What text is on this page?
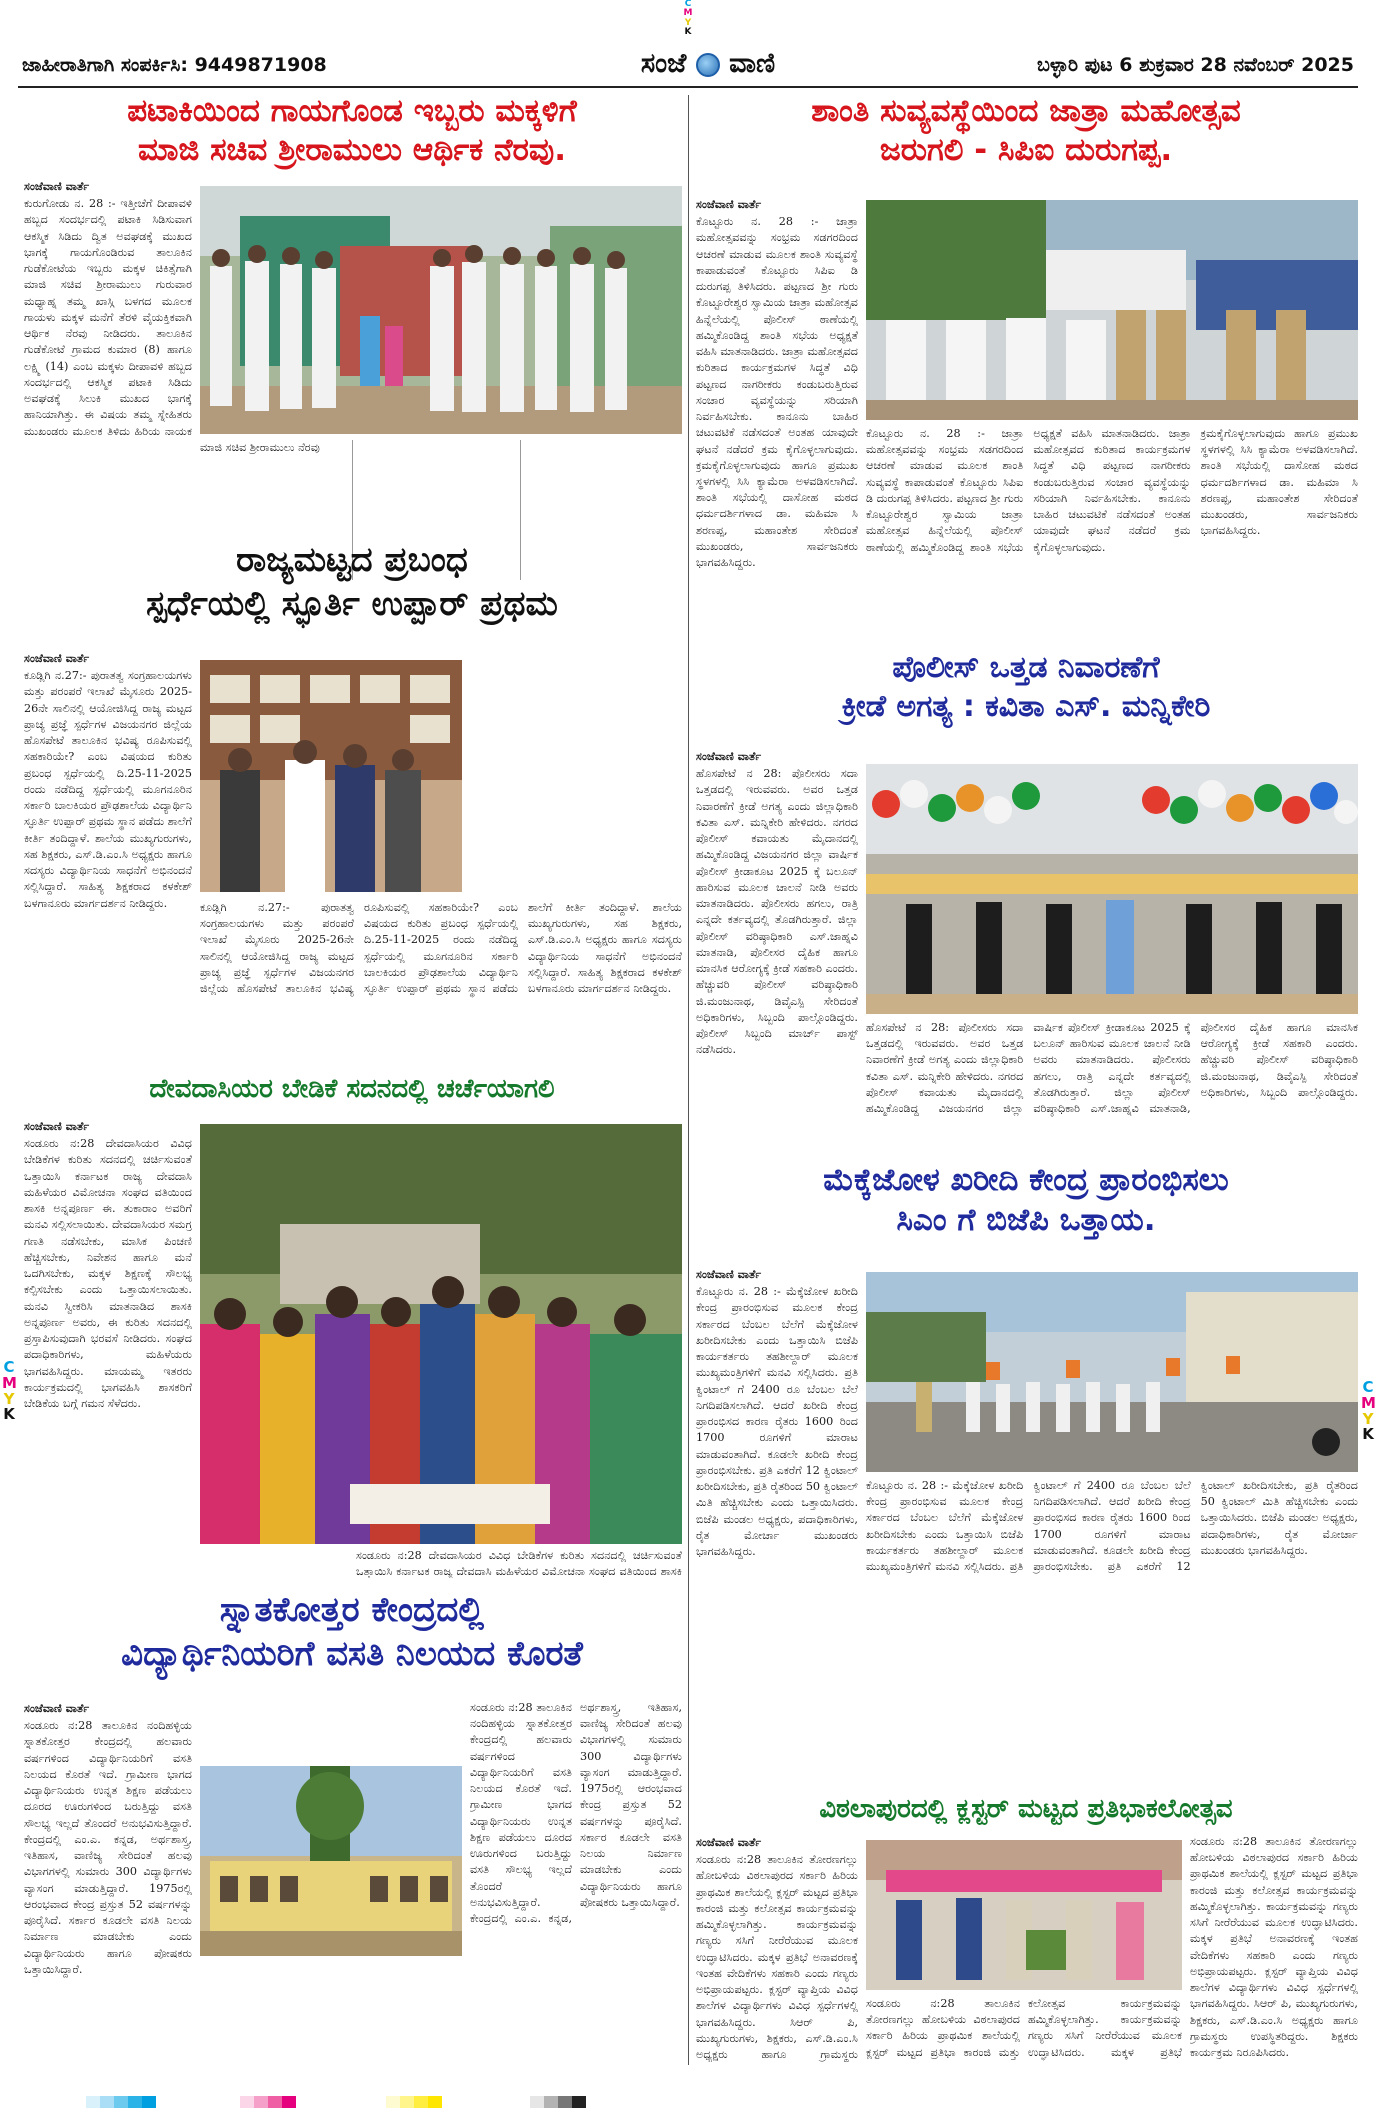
C
M
Y
K
C
M
Y
K
C
M
Y
K
ಜಾಹೀರಾತಿಗಾಗಿ ಸಂಪರ್ಕಿಸಿ: 9449871908	ಸಂಜೆ ವಾಣಿ	ಬಳ್ಳಾರಿ ಪುಟ 6 ಶುಕ್ರವಾರ 28 ನವೆಂಬರ್ 2025
ಪಟಾಕಿಯಿಂದ ಗಾಯಗೊಂಡ ಇಬ್ಬರು ಮಕ್ಕಳಿಗೆ
ಮಾಜಿ ಸಚಿವ ಶ್ರೀರಾಮುಲು ಆರ್ಥಿಕ ನೆರವು.
ಸಂಜೆವಾಣಿ ವಾರ್ತೆ
ಕುರುಗೋಡು ನ. 28 :- ಇತ್ತೀಚೆಗೆ ದೀಪಾವಳಿ ಹಬ್ಬದ ಸಂದರ್ಭದಲ್ಲಿ ಪಟಾಕಿ ಸಿಡಿಸುವಾಗ ಆಕಸ್ಮಿಕ ಸಿಡಿದು ದ್ವಿತ ಅವಘಡಕ್ಕೆ ಮುಖದ ಭಾಗಕ್ಕೆ ಗಾಯಗೊಂಡಿರುವ ತಾಲೂಕಿನ ಗುಡೆಕೋಟೆಯ ಇಬ್ಬರು ಮಕ್ಕಳ ಚಿಕಿತ್ಸೆಗಾಗಿ ಮಾಜಿ ಸಚಿವ ಶ್ರೀರಾಮುಲು ಗುರುವಾರ ಮಧ್ಯಾಹ್ನ ತಮ್ಮ ಖಾಸ್ಗಿ ಬಳಗದ ಮೂಲಕ ಗಾಯಳು ಮಕ್ಕಳ ಮನೆಗೆ ತೆರಳಿ ವೈಯಕ್ತಿಕವಾಗಿ ಆರ್ಥಿಕ ನೆರವು ನೀಡಿದರು. ತಾಲೂಕಿನ ಗುಡೆಕೋಟೆ ಗ್ರಾಮದ ಕುಮಾರ (8) ಹಾಗೂ ಲಕ್ಷ್ಮಿ (14) ಎಂಬ ಮಕ್ಕಳು ದೀಪಾವಳಿ ಹಬ್ಬದ ಸಂದರ್ಭದಲ್ಲಿ ಆಕಸ್ಮಿಕ ಪಟಾಕಿ ಸಿಡಿದು ಅವಘಡಕ್ಕೆ ಸಿಲುಕಿ ಮುಖದ ಭಾಗಕ್ಕೆ ಹಾನಿಯಾಗಿತ್ತು. ಈ ವಿಷಯ ತಮ್ಮ ಸ್ನೇಹಿತರು ಮುಖಂಡರು ಮೂಲಕ ತಿಳಿದು ಹಿರಿಯ ನಾಯಕ
ಮಾಜಿ ಸಚಿವ ಶ್ರೀರಾಮುಲು ನೆರವು
ರಾಜ್ಯಮಟ್ಟದ ಪ್ರಬಂಧ
ಸ್ಪರ್ಧೆಯಲ್ಲಿ ಸ್ಫೂರ್ತಿ ಉಪ್ಪಾರ್ ಪ್ರಥಮ
ಸಂಜೆವಾಣಿ ವಾರ್ತೆ
ಕೂಡ್ಲಿಗಿ ನ.27:- ಪುರಾತತ್ವ ಸಂಗ್ರಹಾಲಯಗಳು ಮತ್ತು ಪರಂಪರೆ ಇಲಾಖೆ ಮೈಸೂರು 2025-26ನೇ ಸಾಲಿನಲ್ಲಿ ಆಯೋಜಿಸಿದ್ದ ರಾಜ್ಯ ಮಟ್ಟದ ಪ್ರಾಚ್ಯ ಪ್ರಜ್ಞೆ ಸ್ಪರ್ಧೆಗಳ ವಿಜಯನಗರ ಜಿಲ್ಲೆಯ ಹೊಸಪೇಟೆ ತಾಲೂಕಿನ ಭವಿಷ್ಯ ರೂಪಿಸುವಲ್ಲಿ ಸಹಕಾರಿಯೇ? ಎಂಬ ವಿಷಯದ ಕುರಿತು ಪ್ರಬಂಧ ಸ್ಪರ್ಧೆಯಲ್ಲಿ ದಿ.25-11-2025 ರಂದು ನಡೆದಿದ್ದ ಸ್ಪರ್ಧೆಯಲ್ಲಿ ಮೂಗನೂರಿನ ಸರ್ಕಾರಿ ಬಾಲಕಿಯರ ಪ್ರೌಢಶಾಲೆಯ ವಿದ್ಯಾರ್ಥಿನಿ ಸ್ಫೂರ್ತಿ ಉಪ್ಪಾರ್ ಪ್ರಥಮ ಸ್ಥಾನ ಪಡೆದು ಶಾಲೆಗೆ ಕೀರ್ತಿ ತಂದಿದ್ದಾಳೆ. ಶಾಲೆಯ ಮುಖ್ಯಗುರುಗಳು, ಸಹ ಶಿಕ್ಷಕರು, ಎಸ್.ಡಿ.ಎಂ.ಸಿ ಅಧ್ಯಕ್ಷರು ಹಾಗೂ ಸದಸ್ಯರು ವಿದ್ಯಾರ್ಥಿನಿಯ ಸಾಧನೆಗೆ ಅಭಿನಂದನೆ ಸಲ್ಲಿಸಿದ್ದಾರೆ. ಸಾಹಿತ್ಯ ಶಿಕ್ಷಕರಾದ ಕಳಕೇಶ್ ಬಳಗಾನೂರು ಮಾರ್ಗದರ್ಶನ ನೀಡಿದ್ದರು.	ಕೂಡ್ಲಿಗಿ ನ.27:- ಪುರಾತತ್ವ ಸಂಗ್ರಹಾಲಯಗಳು ಮತ್ತು ಪರಂಪರೆ ಇಲಾಖೆ ಮೈಸೂರು 2025-26ನೇ ಸಾಲಿನಲ್ಲಿ ಆಯೋಜಿಸಿದ್ದ ರಾಜ್ಯ ಮಟ್ಟದ ಪ್ರಾಚ್ಯ ಪ್ರಜ್ಞೆ ಸ್ಪರ್ಧೆಗಳ ವಿಜಯನಗರ ಜಿಲ್ಲೆಯ ಹೊಸಪೇಟೆ ತಾಲೂಕಿನ ಭವಿಷ್ಯ ರೂಪಿಸುವಲ್ಲಿ ಸಹಕಾರಿಯೇ? ಎಂಬ ವಿಷಯದ ಕುರಿತು ಪ್ರಬಂಧ ಸ್ಪರ್ಧೆಯಲ್ಲಿ ದಿ.25-11-2025 ರಂದು ನಡೆದಿದ್ದ ಸ್ಪರ್ಧೆಯಲ್ಲಿ ಮೂಗನೂರಿನ ಸರ್ಕಾರಿ ಬಾಲಕಿಯರ ಪ್ರೌಢಶಾಲೆಯ ವಿದ್ಯಾರ್ಥಿನಿ ಸ್ಫೂರ್ತಿ ಉಪ್ಪಾರ್ ಪ್ರಥಮ ಸ್ಥಾನ ಪಡೆದು ಶಾಲೆಗೆ ಕೀರ್ತಿ ತಂದಿದ್ದಾಳೆ. ಶಾಲೆಯ ಮುಖ್ಯಗುರುಗಳು, ಸಹ ಶಿಕ್ಷಕರು, ಎಸ್.ಡಿ.ಎಂ.ಸಿ ಅಧ್ಯಕ್ಷರು ಹಾಗೂ ಸದಸ್ಯರು ವಿದ್ಯಾರ್ಥಿನಿಯ ಸಾಧನೆಗೆ ಅಭಿನಂದನೆ ಸಲ್ಲಿಸಿದ್ದಾರೆ. ಸಾಹಿತ್ಯ ಶಿಕ್ಷಕರಾದ ಕಳಕೇಶ್ ಬಳಗಾನೂರು ಮಾರ್ಗದರ್ಶನ ನೀಡಿದ್ದರು.
ದೇವದಾಸಿಯರ ಬೇಡಿಕೆ ಸದನದಲ್ಲಿ ಚರ್ಚೆಯಾಗಲಿ
ಸಂಜೆವಾಣಿ ವಾರ್ತೆ
ಸಂಡೂರು ನ:28 ದೇವದಾಸಿಯರ ವಿವಿಧ ಬೇಡಿಕೆಗಳ ಕುರಿತು ಸದನದಲ್ಲಿ ಚರ್ಚಿಸುವಂತೆ ಒತ್ತಾಯಿಸಿ ಕರ್ನಾಟಕ ರಾಜ್ಯ ದೇವದಾಸಿ ಮಹಿಳೆಯರ ವಿಮೋಚನಾ ಸಂಘದ ವತಿಯಿಂದ ಶಾಸಕಿ ಅನ್ನಪೂರ್ಣ ಈ. ತುಕಾರಾಂ ಅವರಿಗೆ ಮನವಿ ಸಲ್ಲಿಸಲಾಯಿತು. ದೇವದಾಸಿಯರ ಸಮಗ್ರ ಗಣತಿ ನಡೆಸಬೇಕು, ಮಾಸಿಕ ಪಿಂಚಣಿ ಹೆಚ್ಚಿಸಬೇಕು, ನಿವೇಶನ ಹಾಗೂ ಮನೆ ಒದಗಿಸಬೇಕು, ಮಕ್ಕಳ ಶಿಕ್ಷಣಕ್ಕೆ ಸೌಲಭ್ಯ ಕಲ್ಪಿಸಬೇಕು ಎಂದು ಒತ್ತಾಯಿಸಲಾಯಿತು. ಮನವಿ ಸ್ವೀಕರಿಸಿ ಮಾತನಾಡಿದ ಶಾಸಕಿ ಅನ್ನಪೂರ್ಣ ಅವರು, ಈ ಕುರಿತು ಸದನದಲ್ಲಿ ಪ್ರಸ್ತಾಪಿಸುವುದಾಗಿ ಭರವಸೆ ನೀಡಿದರು. ಸಂಘದ ಪದಾಧಿಕಾರಿಗಳು, ಮಹಿಳೆಯರು ಭಾಗವಹಿಸಿದ್ದರು. ಮಾಯಮ್ಮ ಇತರರು ಕಾರ್ಯಕ್ರಮದಲ್ಲಿ ಭಾಗವಹಿಸಿ ಶಾಸಕರಿಗೆ ಬೇಡಿಕೆಯ ಬಗ್ಗೆ ಗಮನ ಸೆಳೆದರು.
ಸಂಡೂರು ನ:28 ದೇವದಾಸಿಯರ ವಿವಿಧ ಬೇಡಿಕೆಗಳ ಕುರಿತು ಸದನದಲ್ಲಿ ಚರ್ಚಿಸುವಂತೆ ಒತ್ತಾಯಿಸಿ ಕರ್ನಾಟಕ ರಾಜ್ಯ ದೇವದಾಸಿ ಮಹಿಳೆಯರ ವಿಮೋಚನಾ ಸಂಘದ ವತಿಯಿಂದ ಶಾಸಕಿ
ಸ್ನಾತಕೋತ್ತರ ಕೇಂದ್ರದಲ್ಲಿ
ವಿದ್ಯಾರ್ಥಿನಿಯರಿಗೆ ವಸತಿ ನಿಲಯದ ಕೊರತೆ
ಸಂಜೆವಾಣಿ ವಾರ್ತೆ
ಸಂಡೂರು ನ:28 ತಾಲೂಕಿನ ನಂದಿಹಳ್ಳಿಯ ಸ್ನಾತಕೋತ್ತರ ಕೇಂದ್ರದಲ್ಲಿ ಹಲವಾರು ವರ್ಷಗಳಿಂದ ವಿದ್ಯಾರ್ಥಿನಿಯರಿಗೆ ವಸತಿ ನಿಲಯದ ಕೊರತೆ ಇದೆ. ಗ್ರಾಮೀಣ ಭಾಗದ ವಿದ್ಯಾರ್ಥಿನಿಯರು ಉನ್ನತ ಶಿಕ್ಷಣ ಪಡೆಯಲು ದೂರದ ಊರುಗಳಿಂದ ಬರುತ್ತಿದ್ದು ವಸತಿ ಸೌಲಭ್ಯ ಇಲ್ಲದೆ ತೊಂದರೆ ಅನುಭವಿಸುತ್ತಿದ್ದಾರೆ. ಕೇಂದ್ರದಲ್ಲಿ ಎಂ.ಎ. ಕನ್ನಡ, ಅರ್ಥಶಾಸ್ತ್ರ, ಇತಿಹಾಸ, ವಾಣಿಜ್ಯ ಸೇರಿದಂತೆ ಹಲವು ವಿಭಾಗಗಳಲ್ಲಿ ಸುಮಾರು 300 ವಿದ್ಯಾರ್ಥಿಗಳು ವ್ಯಾಸಂಗ ಮಾಡುತ್ತಿದ್ದಾರೆ. 1975ರಲ್ಲಿ ಆರಂಭವಾದ ಕೇಂದ್ರ ಪ್ರಸ್ತುತ 52 ವರ್ಷಗಳನ್ನು ಪೂರೈಸಿದೆ. ಸರ್ಕಾರ ಕೂಡಲೇ ವಸತಿ ನಿಲಯ ನಿರ್ಮಾಣ ಮಾಡಬೇಕು ಎಂದು ವಿದ್ಯಾರ್ಥಿನಿಯರು ಹಾಗೂ ಪೋಷಕರು ಒತ್ತಾಯಿಸಿದ್ದಾರೆ.
ಸಂಡೂರು ನ:28 ತಾಲೂಕಿನ ನಂದಿಹಳ್ಳಿಯ ಸ್ನಾತಕೋತ್ತರ ಕೇಂದ್ರದಲ್ಲಿ ಹಲವಾರು ವರ್ಷಗಳಿಂದ ವಿದ್ಯಾರ್ಥಿನಿಯರಿಗೆ ವಸತಿ ನಿಲಯದ ಕೊರತೆ ಇದೆ. ಗ್ರಾಮೀಣ ಭಾಗದ ವಿದ್ಯಾರ್ಥಿನಿಯರು ಉನ್ನತ ಶಿಕ್ಷಣ ಪಡೆಯಲು ದೂರದ ಊರುಗಳಿಂದ ಬರುತ್ತಿದ್ದು ವಸತಿ ಸೌಲಭ್ಯ ಇಲ್ಲದೆ ತೊಂದರೆ ಅನುಭವಿಸುತ್ತಿದ್ದಾರೆ. ಕೇಂದ್ರದಲ್ಲಿ ಎಂ.ಎ. ಕನ್ನಡ, ಅರ್ಥಶಾಸ್ತ್ರ, ಇತಿಹಾಸ, ವಾಣಿಜ್ಯ ಸೇರಿದಂತೆ ಹಲವು ವಿಭಾಗಗಳಲ್ಲಿ ಸುಮಾರು 300 ವಿದ್ಯಾರ್ಥಿಗಳು ವ್ಯಾಸಂಗ ಮಾಡುತ್ತಿದ್ದಾರೆ. 1975ರಲ್ಲಿ ಆರಂಭವಾದ ಕೇಂದ್ರ ಪ್ರಸ್ತುತ 52 ವರ್ಷಗಳನ್ನು ಪೂರೈಸಿದೆ. ಸರ್ಕಾರ ಕೂಡಲೇ ವಸತಿ ನಿಲಯ ನಿರ್ಮಾಣ ಮಾಡಬೇಕು ಎಂದು ವಿದ್ಯಾರ್ಥಿನಿಯರು ಹಾಗೂ ಪೋಷಕರು ಒತ್ತಾಯಿಸಿದ್ದಾರೆ.
ಶಾಂತಿ ಸುವ್ಯವಸ್ಥೆಯಿಂದ ಜಾತ್ರಾ ಮಹೋತ್ಸವ
ಜರುಗಲಿ - ಸಿಪಿಐ ದುರುಗಪ್ಪ.
ಸಂಜೆವಾಣಿ ವಾರ್ತೆ
ಕೊಟ್ಟೂರು ನ. 28 :- ಜಾತ್ರಾ ಮಹೋತ್ಸವವನ್ನು ಸಂಭ್ರಮ ಸಡಗರದಿಂದ ಆಚರಣೆ ಮಾಡುವ ಮೂಲಕ ಶಾಂತಿ ಸುವ್ಯವಸ್ಥೆ ಕಾಪಾಡುವಂತೆ ಕೊಟ್ಟೂರು ಸಿಪಿಐ ಡಿ ದುರುಗಪ್ಪ ತಿಳಿಸಿದರು. ಪಟ್ಟಣದ ಶ್ರೀ ಗುರು ಕೊಟ್ಟೂರೇಶ್ವರ ಸ್ವಾಮಿಯ ಜಾತ್ರಾ ಮಹೋತ್ಸವ ಹಿನ್ನೆಲೆಯಲ್ಲಿ ಪೊಲೀಸ್ ಠಾಣೆಯಲ್ಲಿ ಹಮ್ಮಿಕೊಂಡಿದ್ದ ಶಾಂತಿ ಸಭೆಯ ಅಧ್ಯಕ್ಷತೆ ವಹಿಸಿ ಮಾತನಾಡಿದರು. ಜಾತ್ರಾ ಮಹೋತ್ಸವದ ಕುರಿತಾದ ಕಾರ್ಯಕ್ರಮಗಳ ಸಿದ್ಧತೆ ವಿಧಿ ಪಟ್ಟಣದ ನಾಗರೀಕರು ಕಂಡುಬರುತ್ತಿರುವ ಸಂಚಾರ ವ್ಯವಸ್ಥೆಯನ್ನು ಸರಿಯಾಗಿ ನಿರ್ವಹಿಸಬೇಕು. ಕಾನೂನು ಬಾಹಿರ ಚಟುವಟಿಕೆ ನಡೆಸದಂತೆ ಅಂತಹ ಯಾವುದೇ ಘಟನೆ ನಡೆದರೆ ಕ್ರಮ ಕೈಗೊಳ್ಳಲಾಗುವುದು. ಕ್ರಮಕೈಗೊಳ್ಳಲಾಗುವುದು ಹಾಗೂ ಪ್ರಮುಖ ಸ್ಥಳಗಳಲ್ಲಿ ಸಿಸಿ ಕ್ಯಾಮೆರಾ ಅಳವಡಿಸಲಾಗಿದೆ. ಶಾಂತಿ ಸಭೆಯಲ್ಲಿ ದಾಸೋಹ ಮಠದ ಧರ್ಮದರ್ಶಿಗಳಾದ ಡಾ. ಮಹಿಮಾ ಸಿ ಶರಣಪ್ಪ, ಮಹಾಂತೇಶ ಸೇರಿದಂತೆ ಮುಖಂಡರು, ಸಾರ್ವಜನಿಕರು ಭಾಗವಹಿಸಿದ್ದರು.
ಕೊಟ್ಟೂರು ನ. 28 :- ಜಾತ್ರಾ ಮಹೋತ್ಸವವನ್ನು ಸಂಭ್ರಮ ಸಡಗರದಿಂದ ಆಚರಣೆ ಮಾಡುವ ಮೂಲಕ ಶಾಂತಿ ಸುವ್ಯವಸ್ಥೆ ಕಾಪಾಡುವಂತೆ ಕೊಟ್ಟೂರು ಸಿಪಿಐ ಡಿ ದುರುಗಪ್ಪ ತಿಳಿಸಿದರು. ಪಟ್ಟಣದ ಶ್ರೀ ಗುರು ಕೊಟ್ಟೂರೇಶ್ವರ ಸ್ವಾಮಿಯ ಜಾತ್ರಾ ಮಹೋತ್ಸವ ಹಿನ್ನೆಲೆಯಲ್ಲಿ ಪೊಲೀಸ್ ಠಾಣೆಯಲ್ಲಿ ಹಮ್ಮಿಕೊಂಡಿದ್ದ ಶಾಂತಿ ಸಭೆಯ ಅಧ್ಯಕ್ಷತೆ ವಹಿಸಿ ಮಾತನಾಡಿದರು. ಜಾತ್ರಾ ಮಹೋತ್ಸವದ ಕುರಿತಾದ ಕಾರ್ಯಕ್ರಮಗಳ ಸಿದ್ಧತೆ ವಿಧಿ ಪಟ್ಟಣದ ನಾಗರೀಕರು ಕಂಡುಬರುತ್ತಿರುವ ಸಂಚಾರ ವ್ಯವಸ್ಥೆಯನ್ನು ಸರಿಯಾಗಿ ನಿರ್ವಹಿಸಬೇಕು. ಕಾನೂನು ಬಾಹಿರ ಚಟುವಟಿಕೆ ನಡೆಸದಂತೆ ಅಂತಹ ಯಾವುದೇ ಘಟನೆ ನಡೆದರೆ ಕ್ರಮ ಕೈಗೊಳ್ಳಲಾಗುವುದು. ಕ್ರಮಕೈಗೊಳ್ಳಲಾಗುವುದು ಹಾಗೂ ಪ್ರಮುಖ ಸ್ಥಳಗಳಲ್ಲಿ ಸಿಸಿ ಕ್ಯಾಮೆರಾ ಅಳವಡಿಸಲಾಗಿದೆ. ಶಾಂತಿ ಸಭೆಯಲ್ಲಿ ದಾಸೋಹ ಮಠದ ಧರ್ಮದರ್ಶಿಗಳಾದ ಡಾ. ಮಹಿಮಾ ಸಿ ಶರಣಪ್ಪ, ಮಹಾಂತೇಶ ಸೇರಿದಂತೆ ಮುಖಂಡರು, ಸಾರ್ವಜನಿಕರು ಭಾಗವಹಿಸಿದ್ದರು.
ಪೊಲೀಸ್ ಒತ್ತಡ ನಿವಾರಣೆಗೆ
ಕ್ರೀಡೆ ಅಗತ್ಯ : ಕವಿತಾ ಎಸ್. ಮನ್ನಿಕೇರಿ
ಸಂಜೆವಾಣಿ ವಾರ್ತೆ
ಹೊಸಪೇಟೆ ನ 28: ಪೊಲೀಸರು ಸದಾ ಒತ್ತಡದಲ್ಲಿ ಇರುವವರು. ಅವರ ಒತ್ತಡ ನಿವಾರಣೆಗೆ ಕ್ರೀಡೆ ಅಗತ್ಯ ಎಂದು ಜಿಲ್ಲಾಧಿಕಾರಿ ಕವಿತಾ ಎಸ್. ಮನ್ನಿಕೇರಿ ಹೇಳಿದರು. ನಗರದ ಪೊಲೀಸ್ ಕವಾಯತು ಮೈದಾನದಲ್ಲಿ ಹಮ್ಮಿಕೊಂಡಿದ್ದ ವಿಜಯನಗರ ಜಿಲ್ಲಾ ವಾರ್ಷಿಕ ಪೊಲೀಸ್ ಕ್ರೀಡಾಕೂಟ 2025 ಕ್ಕೆ ಬಲೂನ್ ಹಾರಿಸುವ ಮೂಲಕ ಚಾಲನೆ ನೀಡಿ ಅವರು ಮಾತನಾಡಿದರು. ಪೊಲೀಸರು ಹಗಲು, ರಾತ್ರಿ ಎನ್ನದೇ ಕರ್ತವ್ಯದಲ್ಲಿ ತೊಡಗಿರುತ್ತಾರೆ. ಜಿಲ್ಲಾ ಪೊಲೀಸ್ ವರಿಷ್ಠಾಧಿಕಾರಿ ಎಸ್.ಜಾಹ್ನವಿ ಮಾತನಾಡಿ, ಪೊಲೀಸರ ದೈಹಿಕ ಹಾಗೂ ಮಾನಸಿಕ ಆರೋಗ್ಯಕ್ಕೆ ಕ್ರೀಡೆ ಸಹಕಾರಿ ಎಂದರು. ಹೆಚ್ಚುವರಿ ಪೊಲೀಸ್ ವರಿಷ್ಠಾಧಿಕಾರಿ ಜಿ.ಮಂಜುನಾಥ, ಡಿವೈಎಸ್ಪಿ ಸೇರಿದಂತೆ ಅಧಿಕಾರಿಗಳು, ಸಿಬ್ಬಂದಿ ಪಾಲ್ಗೊಂಡಿದ್ದರು. ಪೊಲೀಸ್ ಸಿಬ್ಬಂದಿ ಮಾರ್ಚ್ ಪಾಸ್ಟ್ ನಡೆಸಿದರು.
ಹೊಸಪೇಟೆ ನ 28: ಪೊಲೀಸರು ಸದಾ ಒತ್ತಡದಲ್ಲಿ ಇರುವವರು. ಅವರ ಒತ್ತಡ ನಿವಾರಣೆಗೆ ಕ್ರೀಡೆ ಅಗತ್ಯ ಎಂದು ಜಿಲ್ಲಾಧಿಕಾರಿ ಕವಿತಾ ಎಸ್. ಮನ್ನಿಕೇರಿ ಹೇಳಿದರು. ನಗರದ ಪೊಲೀಸ್ ಕವಾಯತು ಮೈದಾನದಲ್ಲಿ ಹಮ್ಮಿಕೊಂಡಿದ್ದ ವಿಜಯನಗರ ಜಿಲ್ಲಾ ವಾರ್ಷಿಕ ಪೊಲೀಸ್ ಕ್ರೀಡಾಕೂಟ 2025 ಕ್ಕೆ ಬಲೂನ್ ಹಾರಿಸುವ ಮೂಲಕ ಚಾಲನೆ ನೀಡಿ ಅವರು ಮಾತನಾಡಿದರು. ಪೊಲೀಸರು ಹಗಲು, ರಾತ್ರಿ ಎನ್ನದೇ ಕರ್ತವ್ಯದಲ್ಲಿ ತೊಡಗಿರುತ್ತಾರೆ. ಜಿಲ್ಲಾ ಪೊಲೀಸ್ ವರಿಷ್ಠಾಧಿಕಾರಿ ಎಸ್.ಜಾಹ್ನವಿ ಮಾತನಾಡಿ, ಪೊಲೀಸರ ದೈಹಿಕ ಹಾಗೂ ಮಾನಸಿಕ ಆರೋಗ್ಯಕ್ಕೆ ಕ್ರೀಡೆ ಸಹಕಾರಿ ಎಂದರು. ಹೆಚ್ಚುವರಿ ಪೊಲೀಸ್ ವರಿಷ್ಠಾಧಿಕಾರಿ ಜಿ.ಮಂಜುನಾಥ, ಡಿವೈಎಸ್ಪಿ ಸೇರಿದಂತೆ ಅಧಿಕಾರಿಗಳು, ಸಿಬ್ಬಂದಿ ಪಾಲ್ಗೊಂಡಿದ್ದರು.
ಮೆಕ್ಕೆಜೋಳ ಖರೀದಿ ಕೇಂದ್ರ ಪ್ರಾರಂಭಿಸಲು
ಸಿಎಂ ಗೆ ಬಿಜೆಪಿ ಒತ್ತಾಯ.
ಸಂಜೆವಾಣಿ ವಾರ್ತೆ
ಕೊಟ್ಟೂರು ನ. 28 :- ಮೆಕ್ಕೆಜೋಳ ಖರೀದಿ ಕೇಂದ್ರ ಪ್ರಾರಂಭಿಸುವ ಮೂಲಕ ಕೇಂದ್ರ ಸರ್ಕಾರದ ಬೆಂಬಲ ಬೆಲೆಗೆ ಮೆಕ್ಕೆಜೋಳ ಖರೀದಿಸಬೇಕು ಎಂದು ಒತ್ತಾಯಿಸಿ ಬಿಜೆಪಿ ಕಾರ್ಯಕರ್ತರು ತಹಶೀಲ್ದಾರ್ ಮೂಲಕ ಮುಖ್ಯಮಂತ್ರಿಗಳಿಗೆ ಮನವಿ ಸಲ್ಲಿಸಿದರು. ಪ್ರತಿ ಕ್ವಿಂಟಾಲ್ ಗೆ 2400 ರೂ ಬೆಂಬಲ ಬೆಲೆ ನಿಗದಿಪಡಿಸಲಾಗಿದೆ. ಆದರೆ ಖರೀದಿ ಕೇಂದ್ರ ಪ್ರಾರಂಭಿಸದ ಕಾರಣ ರೈತರು 1600 ರಿಂದ 1700 ರೂಗಳಿಗೆ ಮಾರಾಟ ಮಾಡುವಂತಾಗಿದೆ. ಕೂಡಲೇ ಖರೀದಿ ಕೇಂದ್ರ ಪ್ರಾರಂಭಿಸಬೇಕು. ಪ್ರತಿ ಎಕರೆಗೆ 12 ಕ್ವಿಂಟಾಲ್ ಖರೀದಿಸಬೇಕು, ಪ್ರತಿ ರೈತರಿಂದ 50 ಕ್ವಿಂಟಾಲ್ ಮಿತಿ ಹೆಚ್ಚಿಸಬೇಕು ಎಂದು ಒತ್ತಾಯಿಸಿದರು. ಬಿಜೆಪಿ ಮಂಡಲ ಅಧ್ಯಕ್ಷರು, ಪದಾಧಿಕಾರಿಗಳು, ರೈತ ಮೋರ್ಚಾ ಮುಖಂಡರು ಭಾಗವಹಿಸಿದ್ದರು.
ಕೊಟ್ಟೂರು ನ. 28 :- ಮೆಕ್ಕೆಜೋಳ ಖರೀದಿ ಕೇಂದ್ರ ಪ್ರಾರಂಭಿಸುವ ಮೂಲಕ ಕೇಂದ್ರ ಸರ್ಕಾರದ ಬೆಂಬಲ ಬೆಲೆಗೆ ಮೆಕ್ಕೆಜೋಳ ಖರೀದಿಸಬೇಕು ಎಂದು ಒತ್ತಾಯಿಸಿ ಬಿಜೆಪಿ ಕಾರ್ಯಕರ್ತರು ತಹಶೀಲ್ದಾರ್ ಮೂಲಕ ಮುಖ್ಯಮಂತ್ರಿಗಳಿಗೆ ಮನವಿ ಸಲ್ಲಿಸಿದರು. ಪ್ರತಿ ಕ್ವಿಂಟಾಲ್ ಗೆ 2400 ರೂ ಬೆಂಬಲ ಬೆಲೆ ನಿಗದಿಪಡಿಸಲಾಗಿದೆ. ಆದರೆ ಖರೀದಿ ಕೇಂದ್ರ ಪ್ರಾರಂಭಿಸದ ಕಾರಣ ರೈತರು 1600 ರಿಂದ 1700 ರೂಗಳಿಗೆ ಮಾರಾಟ ಮಾಡುವಂತಾಗಿದೆ. ಕೂಡಲೇ ಖರೀದಿ ಕೇಂದ್ರ ಪ್ರಾರಂಭಿಸಬೇಕು. ಪ್ರತಿ ಎಕರೆಗೆ 12 ಕ್ವಿಂಟಾಲ್ ಖರೀದಿಸಬೇಕು, ಪ್ರತಿ ರೈತರಿಂದ 50 ಕ್ವಿಂಟಾಲ್ ಮಿತಿ ಹೆಚ್ಚಿಸಬೇಕು ಎಂದು ಒತ್ತಾಯಿಸಿದರು. ಬಿಜೆಪಿ ಮಂಡಲ ಅಧ್ಯಕ್ಷರು, ಪದಾಧಿಕಾರಿಗಳು, ರೈತ ಮೋರ್ಚಾ ಮುಖಂಡರು ಭಾಗವಹಿಸಿದ್ದರು.
ವಿಠಲಾಪುರದಲ್ಲಿ ಕ್ಲಸ್ಟರ್ ಮಟ್ಟದ ಪ್ರತಿಭಾಕಲೋತ್ಸವ
ಸಂಜೆವಾಣಿ ವಾರ್ತೆ
ಸಂಡೂರು ನ:28 ತಾಲೂಕಿನ ತೋರಣಗಲ್ಲು ಹೋಬಳಿಯ ವಿಠಲಾಪುರದ ಸರ್ಕಾರಿ ಹಿರಿಯ ಪ್ರಾಥಮಿಕ ಶಾಲೆಯಲ್ಲಿ ಕ್ಲಸ್ಟರ್ ಮಟ್ಟದ ಪ್ರತಿಭಾ ಕಾರಂಜಿ ಮತ್ತು ಕಲೋತ್ಸವ ಕಾರ್ಯಕ್ರಮವನ್ನು ಹಮ್ಮಿಕೊಳ್ಳಲಾಗಿತ್ತು. ಕಾರ್ಯಕ್ರಮವನ್ನು ಗಣ್ಯರು ಸಸಿಗೆ ನೀರೆರೆಯುವ ಮೂಲಕ ಉದ್ಘಾಟಿಸಿದರು. ಮಕ್ಕಳ ಪ್ರತಿಭೆ ಅನಾವರಣಕ್ಕೆ ಇಂತಹ ವೇದಿಕೆಗಳು ಸಹಕಾರಿ ಎಂದು ಗಣ್ಯರು ಅಭಿಪ್ರಾಯಪಟ್ಟರು. ಕ್ಲಸ್ಟರ್ ವ್ಯಾಪ್ತಿಯ ವಿವಿಧ ಶಾಲೆಗಳ ವಿದ್ಯಾರ್ಥಿಗಳು ವಿವಿಧ ಸ್ಪರ್ಧೆಗಳಲ್ಲಿ ಭಾಗವಹಿಸಿದ್ದರು. ಸಿಆರ್ ಪಿ, ಮುಖ್ಯಗುರುಗಳು, ಶಿಕ್ಷಕರು, ಎಸ್.ಡಿ.ಎಂ.ಸಿ ಅಧ್ಯಕ್ಷರು ಹಾಗೂ ಗ್ರಾಮಸ್ಥರು
ಸಂಡೂರು ನ:28 ತಾಲೂಕಿನ ತೋರಣಗಲ್ಲು ಹೋಬಳಿಯ ವಿಠಲಾಪುರದ ಸರ್ಕಾರಿ ಹಿರಿಯ ಪ್ರಾಥಮಿಕ ಶಾಲೆಯಲ್ಲಿ ಕ್ಲಸ್ಟರ್ ಮಟ್ಟದ ಪ್ರತಿಭಾ ಕಾರಂಜಿ ಮತ್ತು ಕಲೋತ್ಸವ ಕಾರ್ಯಕ್ರಮವನ್ನು ಹಮ್ಮಿಕೊಳ್ಳಲಾಗಿತ್ತು. ಕಾರ್ಯಕ್ರಮವನ್ನು ಗಣ್ಯರು ಸಸಿಗೆ ನೀರೆರೆಯುವ ಮೂಲಕ ಉದ್ಘಾಟಿಸಿದರು. ಮಕ್ಕಳ ಪ್ರತಿಭೆ ಅನಾವರಣಕ್ಕೆ ಇಂತಹ ವೇದಿಕೆಗಳು ಸಹಕಾರಿ ಎಂದು ಗಣ್ಯರು ಅಭಿಪ್ರಾಯಪಟ್ಟರು. ಕ್ಲಸ್ಟರ್ ವ್ಯಾಪ್ತಿಯ ವಿವಿಧ ಶಾಲೆಗಳ ವಿದ್ಯಾರ್ಥಿಗಳು ವಿವಿಧ ಸ್ಪರ್ಧೆಗಳಲ್ಲಿ ಭಾಗವಹಿಸಿದ್ದರು. ಸಿಆರ್ ಪಿ, ಮುಖ್ಯಗುರುಗಳು, ಶಿಕ್ಷಕರು, ಎಸ್.ಡಿ.ಎಂ.ಸಿ ಅಧ್ಯಕ್ಷರು ಹಾಗೂ ಗ್ರಾಮಸ್ಥರು ಉಪಸ್ಥಿತರಿದ್ದರು. ಶಿಕ್ಷಕರು ಕಾರ್ಯಕ್ರಮ ನಿರೂಪಿಸಿದರು.
ಸಂಡೂರು ನ:28 ತಾಲೂಕಿನ ತೋರಣಗಲ್ಲು ಹೋಬಳಿಯ ವಿಠಲಾಪುರದ ಸರ್ಕಾರಿ ಹಿರಿಯ ಪ್ರಾಥಮಿಕ ಶಾಲೆಯಲ್ಲಿ ಕ್ಲಸ್ಟರ್ ಮಟ್ಟದ ಪ್ರತಿಭಾ ಕಾರಂಜಿ ಮತ್ತು ಕಲೋತ್ಸವ ಕಾರ್ಯಕ್ರಮವನ್ನು ಹಮ್ಮಿಕೊಳ್ಳಲಾಗಿತ್ತು. ಕಾರ್ಯಕ್ರಮವನ್ನು ಗಣ್ಯರು ಸಸಿಗೆ ನೀರೆರೆಯುವ ಮೂಲಕ ಉದ್ಘಾಟಿಸಿದರು. ಮಕ್ಕಳ ಪ್ರತಿಭೆ
